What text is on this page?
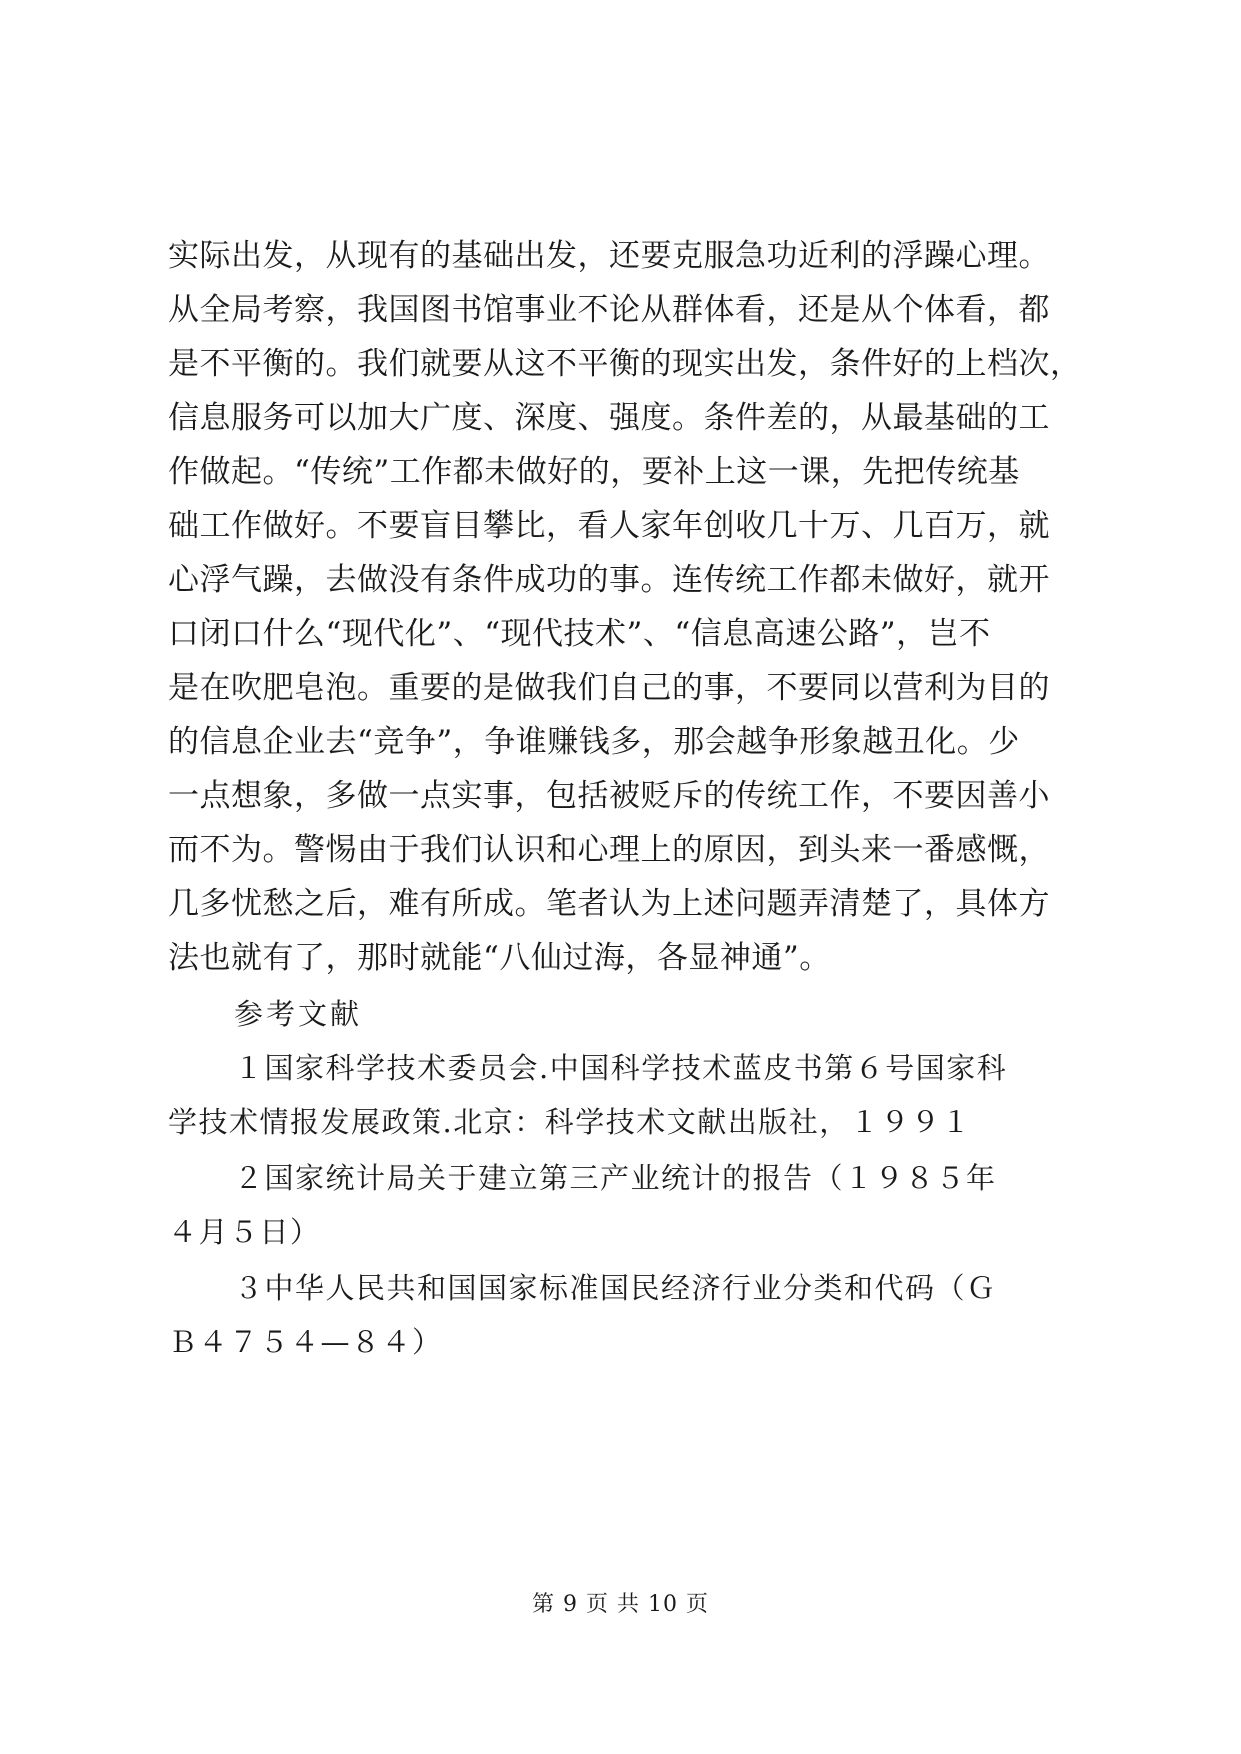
实际出发，从现有的基础出发，还要克服急功近利的浮躁心理。
从全局考察，我国图书馆事业不论从群体看，还是从个体看，都
是不平衡的。我们就要从这不平衡的现实出发，条件好的上档次，
信息服务可以加大广度、深度、强度。条件差的，从最基础的工
作做起。“传统”工作都未做好的，要补上这一课，先把传统基
础工作做好。不要盲目攀比，看人家年创收几十万、几百万，就
心浮气躁，去做没有条件成功的事。连传统工作都未做好，就开
口闭口什么“现代化”、“现代技术”、“信息高速公路”，岂不
是在吹肥皂泡。重要的是做我们自己的事，不要同以营利为目的
的信息企业去“竞争”，争谁赚钱多，那会越争形象越丑化。少
一点想象，多做一点实事，包括被贬斥的传统工作，不要因善小
而不为。警惕由于我们认识和心理上的原因，到头来一番感慨，
几多忧愁之后，难有所成。笔者认为上述问题弄清楚了，具体方
法也就有了，那时就能“八仙过海，各显神通”。
参考文献
１国家科学技术委员会.中国科学技术蓝皮书第６号国家科
学技术情报发展政策.北京：科学技术文献出版社，１９９１
２国家统计局关于建立第三产业统计的报告（１９８５年
４月５日）
３中华人民共和国国家标准国民经济行业分类和代码（Ｇ
Ｂ４７５４—８４）
第 9 页 共 10 页
